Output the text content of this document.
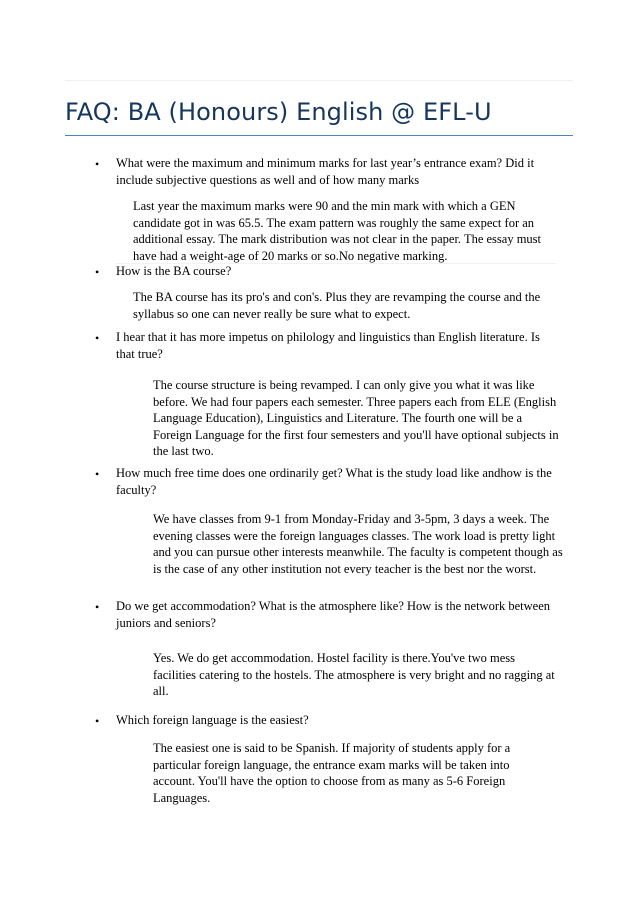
FAQ: BA (Honours) English @ EFL-U
• What were the maximum and minimum marks for last year’s entrance exam? Did it include subjective questions as well and of how many marks
Last year the maximum marks were 90 and the min mark with which a GEN candidate got in was 65.5. The exam pattern was roughly the same expect for an additional essay. The mark distribution was not clear in the paper. The essay must have had a weight-age of 20 marks or so.No negative marking.
• How is the BA course?
The BA course has its pro's and con's. Plus they are revamping the course and the syllabus so one can never really be sure what to expect.
• I hear that it has more impetus on philology and linguistics than English literature. Is that true?
The course structure is being revamped. I can only give you what it was like before. We had four papers each semester. Three papers each from ELE (English Language Education), Linguistics and Literature. The fourth one will be a Foreign Language for the first four semesters and you'll have optional subjects in the last two.
• How much free time does one ordinarily get? What is the study load like andhow is the faculty?
We have classes from 9-1 from Monday-Friday and 3-5pm, 3 days a week. The evening classes were the foreign languages classes. The work load is pretty light and you can pursue other interests meanwhile. The faculty is competent though as is the case of any other institution not every teacher is the best nor the worst.
• Do we get accommodation? What is the atmosphere like? How is the network between juniors and seniors?
Yes. We do get accommodation. Hostel facility is there.You've two mess facilities catering to the hostels. The atmosphere is very bright and no ragging at all.
• Which foreign language is the easiest?
The easiest one is said to be Spanish. If majority of students apply for a particular foreign language, the entrance exam marks will be taken into account. You'll have the option to choose from as many as 5-6 Foreign Languages.
